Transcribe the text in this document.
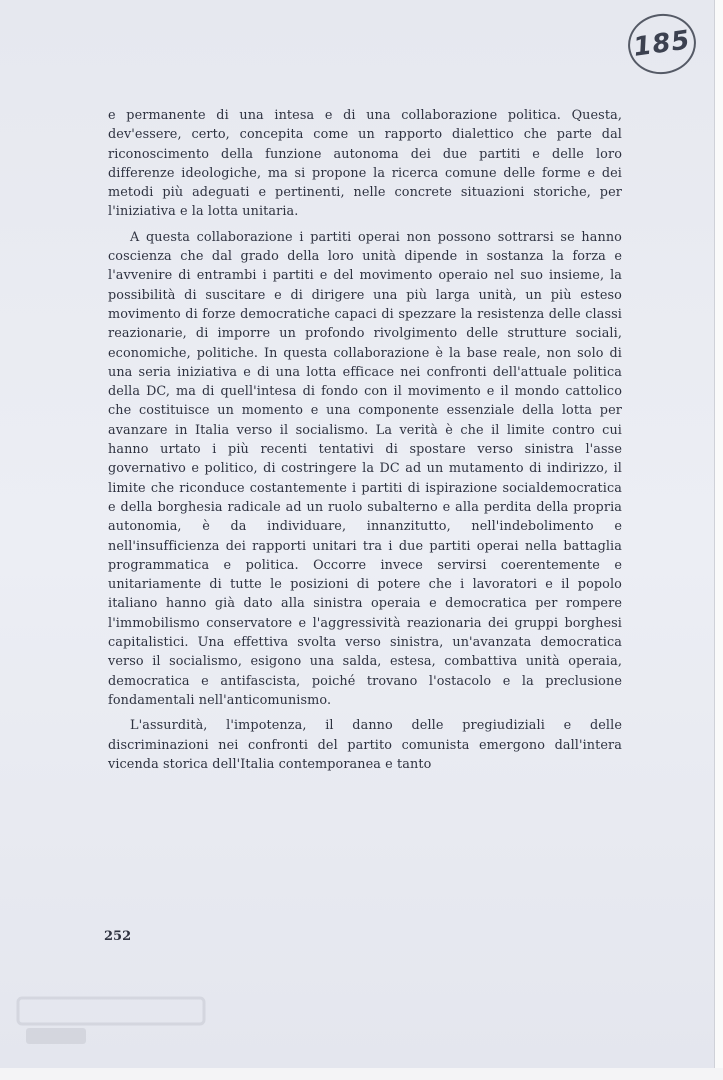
185

e permanente di una intesa e di una collaborazione politica. Questa, dev'essere, certo, concepita come un rapporto dialettico che parte dal riconoscimento della funzione autonoma dei due partiti e delle loro differenze ideologiche, ma si propone la ricerca comune delle forme e dei metodi più adeguati e pertinenti, nelle concrete situazioni storiche, per l'iniziativa e la lotta unitaria.

A questa collaborazione i partiti operai non possono sottrarsi se hanno coscienza che dal grado della loro unità dipende in sostanza la forza e l'avvenire di entrambi i partiti e del movimento operaio nel suo insieme, la possibilità di suscitare e di dirigere una più larga unità, un più esteso movimento di forze democratiche capaci di spezzare la resistenza delle classi reazionarie, di imporre un profondo rivolgimento delle strutture sociali, economiche, politiche. In questa collaborazione è la base reale, non solo di una seria iniziativa e di una lotta efficace nei confronti dell'attuale politica della DC, ma di quell'intesa di fondo con il movimento e il mondo cattolico che costituisce un momento e una componente essenziale della lotta per avanzare in Italia verso il socialismo. La verità è che il limite contro cui hanno urtato i più recenti tentativi di spostare verso sinistra l'asse governativo e politico, di costringere la DC ad un mutamento di indirizzo, il limite che riconduce costantemente i partiti di ispirazione socialdemocratica e della borghesia radicale ad un ruolo subalterno e alla perdita della propria autonomia, è da individuare, innanzitutto, nell'indebolimento e nell'insufficienza dei rapporti unitari tra i due partiti operai nella battaglia programmatica e politica. Occorre invece servirsi coerentemente e unitariamente di tutte le posizioni di potere che i lavoratori e il popolo italiano hanno già dato alla sinistra operaia e democratica per rompere l'immobilismo conservatore e l'aggressività reazionaria dei gruppi borghesi capitalistici. Una effettiva svolta verso sinistra, un'avanzata democratica verso il socialismo, esigono una salda, estesa, combattiva unità operaia, democratica e antifascista, poiché trovano l'ostacolo e la preclusione fondamentali nell'anticomunismo.

L'assurdità, l'impotenza, il danno delle pregiudiziali e delle discriminazioni nei confronti del partito comunista emergono dall'intera vicenda storica dell'Italia contemporanea e tanto

252
